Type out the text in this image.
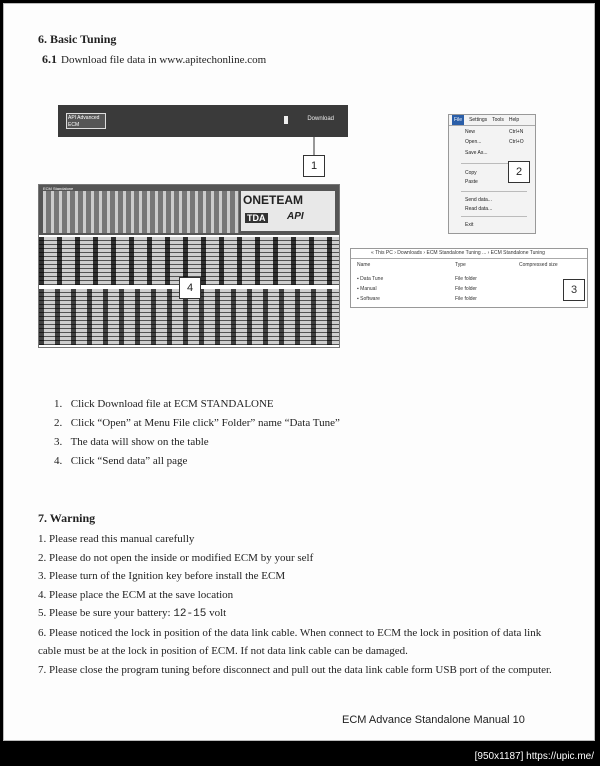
6. Basic Tuning
6.1 Download file data in www.apitechonline.com
API Advanced ECM
Download
1
File	Settings Tools Help
New	Ctrl+N
Open...	Ctrl+O
Save As...
Copy
Paste
Send data...
Read data...
Exit
2
« This PC › Downloads › ECM Standalone Tuning ... › ECM Standalone Tuning
Name	Type	Compressed size
▪ Data Tune	File folder
▪ Manual	File folder
▪ Software	File folder
3
ECM Standalone
ONETEAM
TDA API
4
1. Click Download file at ECM STANDALONE
2. Click “Open” at Menu File click” Folder” name “Data Tune”
3. The data will show on the table
4. Click “Send data” all page
7. Warning
1. Please read this manual carefully
2. Please do not open the inside or modified ECM by your self
3. Please turn of the Ignition key before install the ECM
4. Please place the ECM at the save location
5. Please be sure your battery: 12-15 volt
6. Please noticed the lock in position of the data link cable. When connect to ECM the lock in position of data link cable must be at the lock in position of ECM. If not data link cable can be damaged.
7. Please close the program tuning before disconnect and pull out the data link cable form USB port of the computer.
ECM Advance Standalone Manual 10
[950x1187] https://upic.me/
